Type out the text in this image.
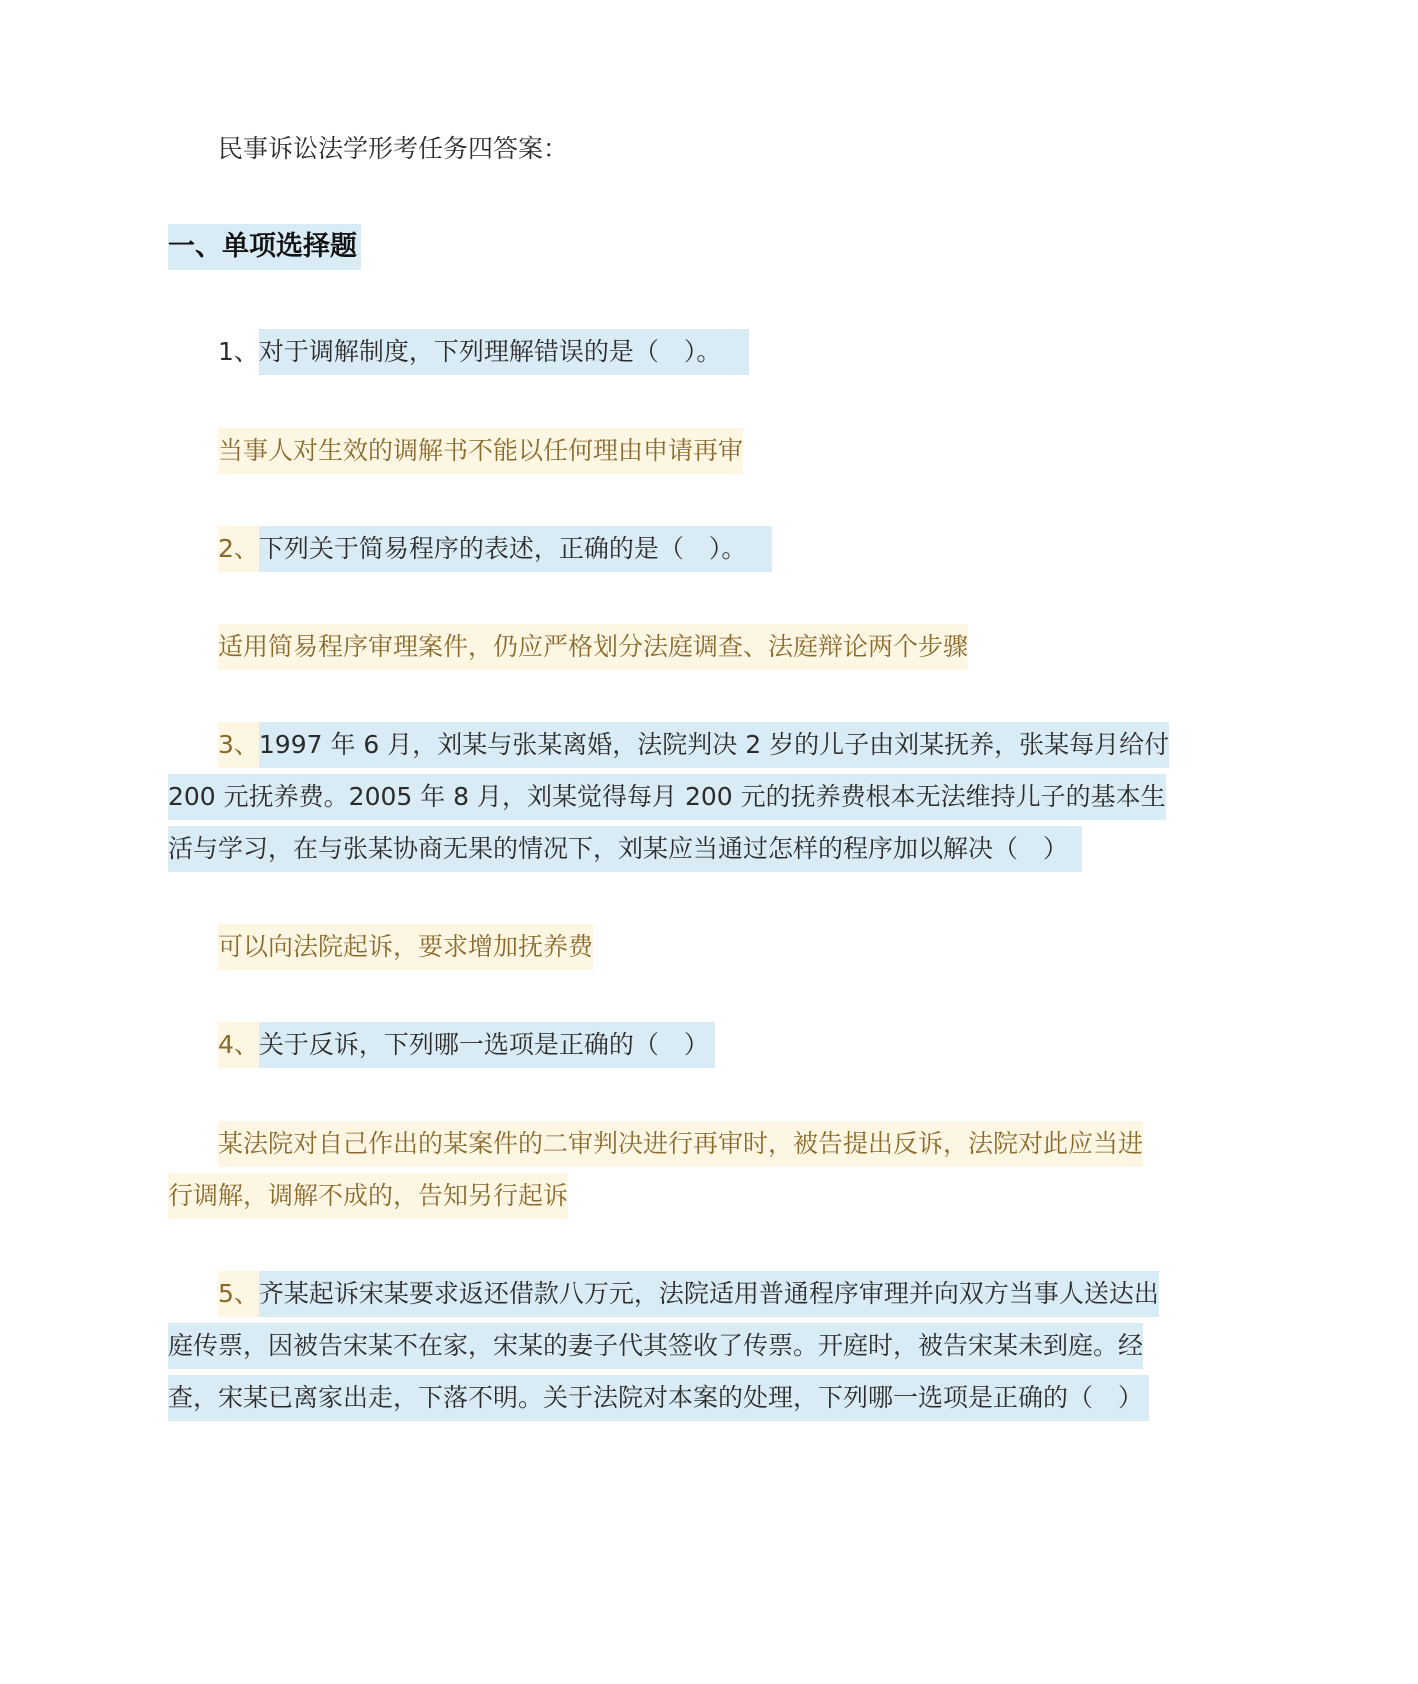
民事诉讼法学形考任务四答案：
一、单项选择题
1、对于调解制度，下列理解错误的是（　）。
当事人对生效的调解书不能以任何理由申请再审
2、下列关于简易程序的表述，正确的是（　）。
适用简易程序审理案件，仍应严格划分法庭调查、法庭辩论两个步骤
3、1997 年 6 月，刘某与张某离婚，法院判决 2 岁的儿子由刘某抚养，张某每月给付
200 元抚养费。2005 年 8 月，刘某觉得每月 200 元的抚养费根本无法维持儿子的基本生
活与学习，在与张某协商无果的情况下，刘某应当通过怎样的程序加以解决（　）
可以向法院起诉，要求增加抚养费
4、关于反诉，下列哪一选项是正确的（　）
某法院对自己作出的某案件的二审判决进行再审时，被告提出反诉，法院对此应当进
行调解，调解不成的，告知另行起诉
5、齐某起诉宋某要求返还借款八万元，法院适用普通程序审理并向双方当事人送达出
庭传票，因被告宋某不在家，宋某的妻子代其签收了传票。开庭时，被告宋某未到庭。经
查，宋某已离家出走，下落不明。关于法院对本案的处理，下列哪一选项是正确的（　）
